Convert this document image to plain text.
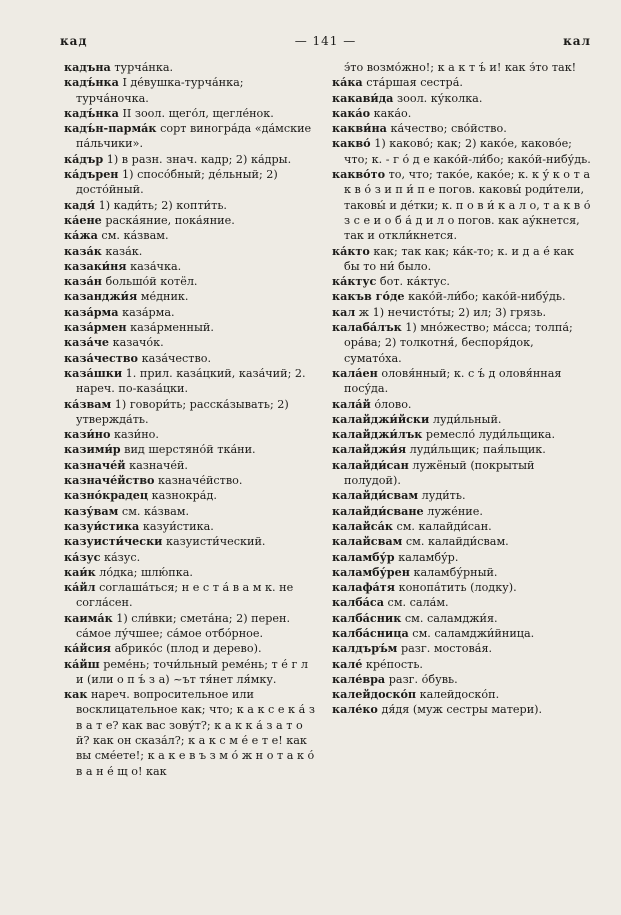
кад	— 141 —	кал

кадъна турча́нка.

кадъ́нка I де́вушка-турча́нка; турча́ночка.

кадъ́нка II зоол. щего́л, щегле́нок.

кадъ́н-парма́к сорт виногра́да «да́мские па́льчики».

ка́дър 1) в разн. знач. кадр; 2) ка́дры.

ка́дърен 1) спосо́бный; де́льный; 2) досто́йный.

кадя́ 1) кади́ть; 2) копти́ть.

ка́ене раска́яние, пока́яние.

ка́жа см. ка́звам.

каза́к каза́к.

казаки́ня каза́чка.

каза́н большо́й котёл.

казанджи́я ме́дник.

каза́рма каза́рма.

каза́рмен каза́рменный.

каза́че казачо́к.

каза́чество каза́чество.

каза́шки 1. прил. каза́цкий, каза́чий; 2. нареч. по-каза́цки.

ка́звам 1) говори́ть; расска́зывать; 2) утвержда́ть.

кази́но кази́но.

казими́р вид шерстяно́й тка́ни.

казначе́й казначе́й.

казначе́йство казначе́йство.

казно́крадец казнокра́д.

казу́вам см. ка́звам.

казуи́стика казуи́стика.

казуисти́чески казуисти́ческий.

ка́зус ка́зус.

каи́к ло́дка; шлю́пка.

ка́йл соглаша́ться; н е с т а́ в а м к. не согла́сен.

каима́к 1) сли́вки; смета́на; 2) перен. са́мое лу́чшее; са́мое отбо́рное.

ка́йсия абрико́с (плод и дерево).

ка́йш реме́нь; точи́льный реме́нь; т е́ г л и (или о п ъ́ з а) ~ът тя́нет ля́мку.

как нареч. вопросительное или восклицательное как; что; к а к с е к а́ з в а т е? как вас зову́т?; к а к к а́ з а т о й? как он сказа́л?; к а к с м е́ е т е! как вы сме́ете!; к а к е в ъ з м о́ ж н о т а к о́ в а н е́ щ о! как

э́то возмо́жно!; к а к т ъ́ и! как э́то так!

ка́ка ста́ршая сестра́.

какави́да зоол. ку́колка.

кака́о кака́о.

какви́на ка́чество; сво́йство.

какво́ 1) каково́; как; 2) како́е, каково́е; что; к. - г о́ д е како́й-ли́бо; како́й-нибу́дь.

какво́то то, что; тако́е, како́е; к. к у́ к о т а к в о́ з и п и́ п е погов. каковы́ роди́тели, таковы́ и де́тки; к. п о в и́ к а л о, т а к в о́ з с е и о б а́ д и л о погов. как ау́кнется, так и откли́кнется.

ка́кто как; так как; ка́к-то; к. и д а е́ как бы то ни́ было.

ка́ктус бот. ка́ктус.

какъв го́де како́й-ли́бо; како́й-нибу́дь.

кал ж 1) нечисто́ты; 2) ил; 3) грязь.

калаба́лък 1) мно́жество; ма́сса; толпа́; ора́ва; 2) толкотня́, беспоря́док, сумато́ха.

кала́ен оловя́нный; к. с ъ́ д оловя́нная посу́да.

кала́й о́лово.

калайджи́йски луди́льный.

калайджи́лък ремесло́ луди́льщика.

калайджи́я луди́льщик; пая́льщик.

калайди́сан лужёный (покрытый полудой).

калайди́свам луди́ть.

калайди́сване луже́ние.

калайса́к см. калайди́сан.

калайсвам см. калайди́свам.

каламбу́р каламбу́р.

каламбу́рен каламбу́рный.

калафа́тя конопа́тить (лодку).

калба́са см. сала́м.

калба́сник см. саламджи́я.

калба́сница см. саламджи́йница.

калдъръ́м разг. мостова́я.

кале́ кре́пость.

кале́вра разг. о́бувь.

калейдоско́п калейдоско́п.

кале́ко дя́дя (муж сестры матери).
